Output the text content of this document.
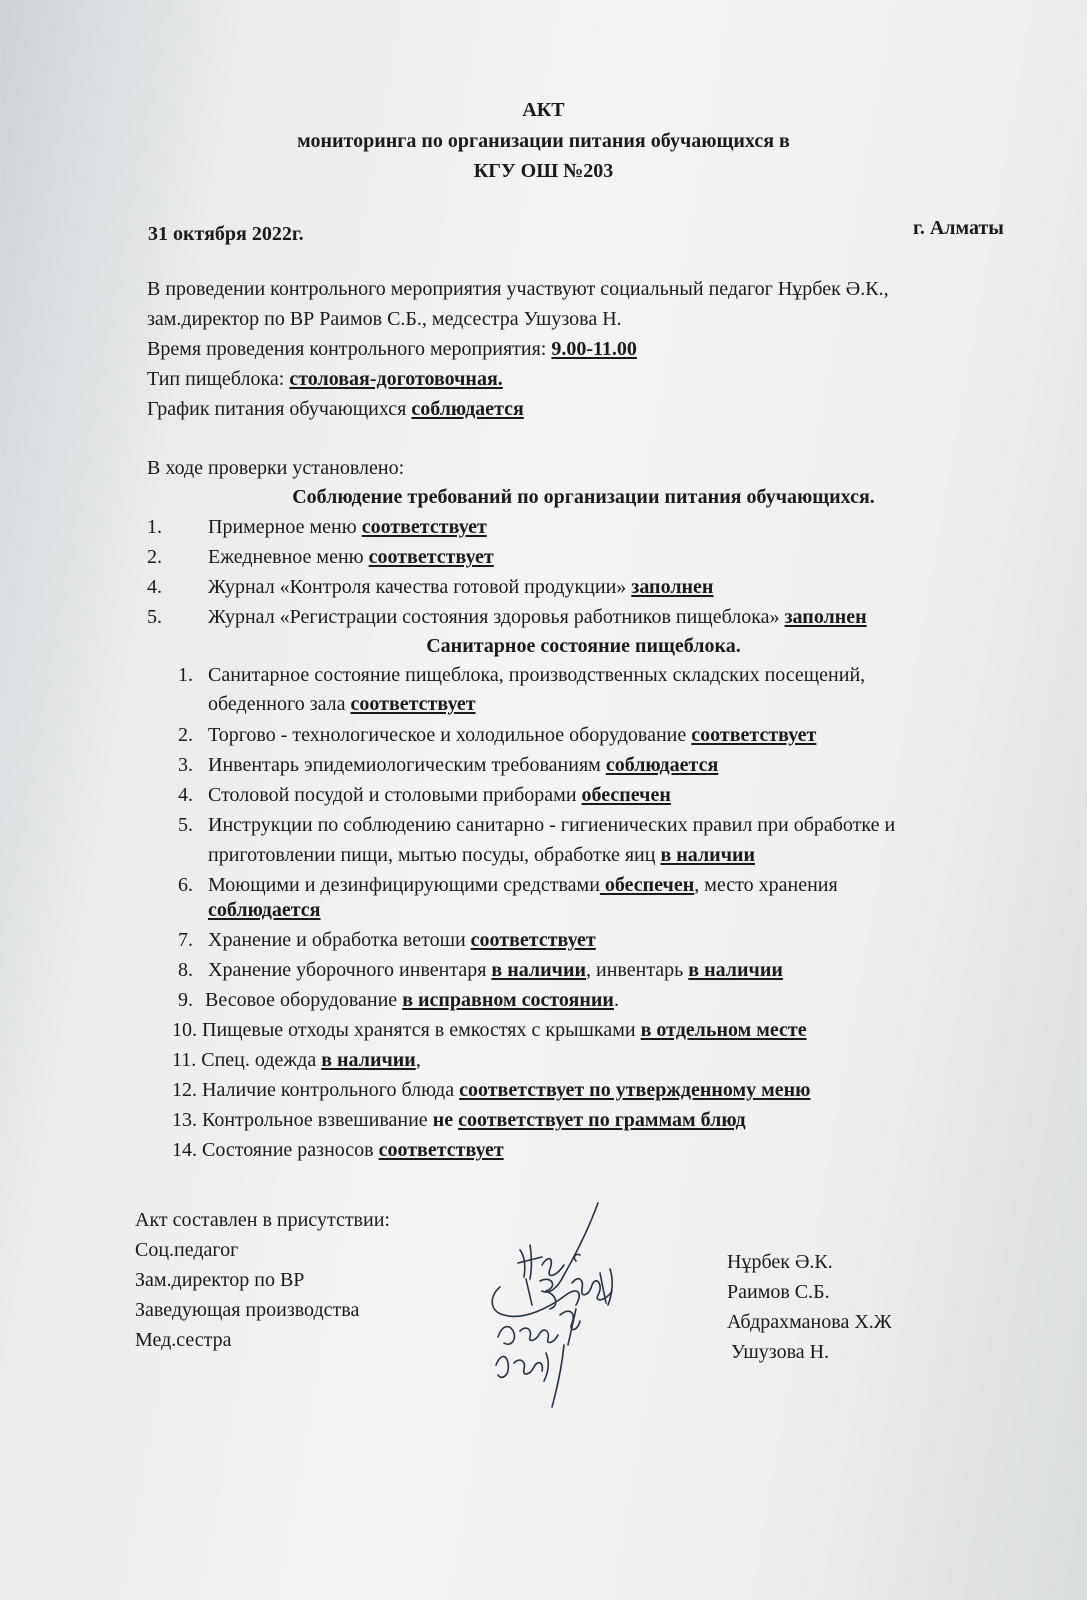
АКТ
мониторинга по организации питания обучающихся в
КГУ ОШ №203
31 октября 2022г.	г. Алматы
В проведении контрольного мероприятия участвуют социальный педагог Нұрбек Ә.К.,
зам.директор по ВР Раимов С.Б., медсестра Ушузова Н.
Время проведения контрольного мероприятия: 9.00-11.00
Тип пищеблока: столовая-доготовочная.
График питания обучающихся соблюдается
В ходе проверки установлено:
Соблюдение требований по организации питания обучающихся.
1. Примерное меню соответствует
2. Ежедневное меню соответствует
4. Журнал «Контроля качества готовой продукции» заполнен
5. Журнал «Регистрации состояния здоровья работников пищеблока» заполнен
Санитарное состояние пищеблока.
1. Санитарное состояние пищеблока, производственных складских посещений,
обеденного зала соответствует
2. Торгово - технологическое и холодильное оборудование соответствует
3. Инвентарь эпидемиологическим требованиям соблюдается
4. Столовой посудой и столовыми приборами обеспечен
5. Инструкции по соблюдению санитарно - гигиенических правил при обработке и
приготовлении пищи, мытью посуды, обработке яиц в наличии
6. Моющими и дезинфицирующими средствами обеспечен, место хранения
соблюдается
7. Хранение и обработка ветоши соответствует
8. Хранение уборочного инвентаря в наличии, инвентарь в наличии
9. Весовое оборудование в исправном состоянии.
10. Пищевые отходы хранятся в емкостях с крышками в отдельном месте
11. Спец. одежда в наличии,
12. Наличие контрольного блюда соответствует по утвержденному меню
13. Контрольное взвешивание не соответствует по граммам блюд
14. Состояние разносов соответствует
Акт составлен в присутствии:
Соц.педагог
Зам.директор по ВР
Заведующая производства
Мед.сестра
Нұрбек Ә.К.
Раимов С.Б.
Абдрахманова Х.Ж
Ушузова Н.
